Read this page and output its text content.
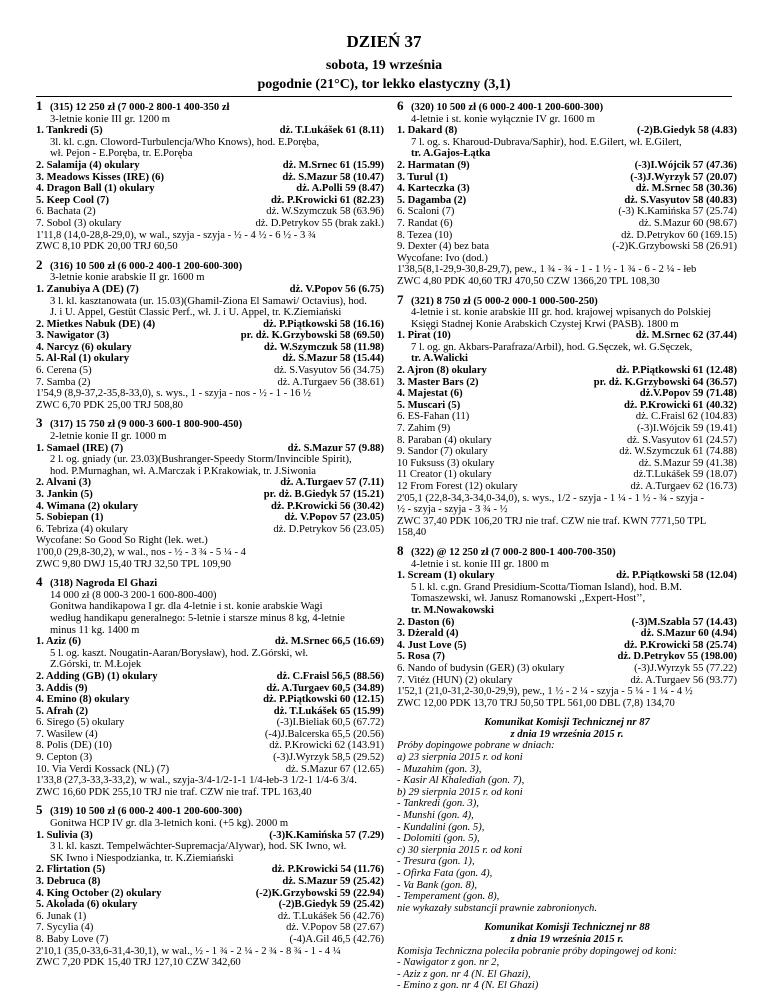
DZIEŃ 37
sobota, 19 września
pogodnie (21°C), tor lekko elastyczny (3,1)
1 (315) 12 250 zł (7 000-2 800-1 400-350 zł
3-letnie konie III gr. 1200 m
1. Tankredi (5)	dż. T.Lukášek 61 (8.11)
3l. kl. c.gn. Cloword-Turbulencja/Who Knows), hod. E.Poręba,
wł. Pejon - E.Poręba, tr. E.Poręba
2. Salamija (4) okulary	dż. M.Srnec 61 (15.99)
3. Meadows Kisses (IRE) (6)	dż. S.Mazur 58 (10.47)
4. Dragon Ball (1) okulary	dż. A.Polli 59 (8.47)
5. Keep Cool (7)	dż. P.Krowicki 61 (82.23)
6. Bachata (2)	dż. W.Szymczuk 58 (63.96)
7. Sobol (3) okulary	dż. D.Petrykov 55 (brak zakł.)
1'11,8 (14,0-28,8-29,0), w wal., szyja - szyja - ½ - 4 ½ - 6 ½ - 3 ¾
ZWC 8,10 PDK 20,00 TRJ 60,50
2 (316) 10 500 zł (6 000-2 400-1 200-600-300)
3-letnie konie arabskie II gr. 1600 m
1. Zanubiya A (DE) (7)	dż. V.Popov 56 (6.75)
3 l. kl. kasztanowata (ur. 15.03)(Ghamil-Ziona El Samawi/ Octavius), hod.
J. i U. Appel, Gestüt Classic Perf., wł. J. i U. Appel, tr. K.Ziemiański
2. Mietkes Nabuk (DE) (4)	dż. P.Piątkowski 58 (16.16)
3. Nawigator (3)	pr. dż. K.Grzybowski 58 (69.50)
4. Narcyz (6) okulary	dż. W.Szymczuk 58 (11.98)
5. Al-Ral (1) okulary	dż. S.Mazur 58 (15.44)
6. Cerena (5)	dż. S.Vasyutov 56 (34.75)
7. Samba (2)	dż. A.Turgaev 56 (38.61)
1'54,9 (8,9-37,2-35,8-33,0), s. wys., 1 - szyja - nos - ½ - 1 - 16 ½
ZWC 6,70 PDK 25,00 TRJ 508,80
3 (317) 15 750 zł (9 000-3 600-1 800-900-450)
2-letnie konie II gr. 1000 m
1. Samael (IRE) (7)	dż. S.Mazur 57 (9.88)
2 l. og. gniady (ur. 23.03)(Bushranger-Speedy Storm/Invincible Spirit),
hod. P.Murnaghan, wł. A.Marczak i P.Krakowiak, tr. J.Siwonia
2. Alvani (3)	dż. A.Turgaev 57 (7.11)
3. Jankin (5)	pr. dż. B.Giedyk 57 (15.21)
4. Wimana (2) okulary	dż. P.Krowicki 56 (30.42)
5. Sobiepan (1)	dż. V.Popov 57 (23.05)
6. Tebriza (4) okulary	dż. D.Petrykov 56 (23.05)
Wycofane: So Good So Right (lek. wet.)
1'00,0 (29,8-30,2), w wal., nos - ½ - 3 ¾ - 5 ¼ - 4
ZWC 9,80 DWJ 15,40 TRJ 32,50 TPL 109,90
4 (318) Nagroda El Ghazi
14 000 zł (8 000-3 200-1 600-800-400)
Gonitwa handikapowa I gr. dla 4-letnie i st. konie arabskie Wagi
według handikapu generalnego: 5-letnie i starsze minus 8 kg, 4-letnie
minus 11 kg. 1400 m
1. Aziz (6)	dż. M.Srnec 66,5 (16.69)
5 l. og. kaszt. Nougatin-Aaran/Borysław), hod. Z.Górski, wł.
Z.Górski, tr. M.Łojek
2. Adding (GB) (1) okulary	dż. C.Fraisl 56,5 (88.56)
3. Addis (9)	dż. A.Turgaev 60,5 (34.89)
4. Emino (8) okulary	dż. P.Piątkowski 60 (12.15)
5. Afrah (2)	dż. T.Lukášek 65 (15.99)
6. Sirego (5) okulary	(-3)I.Bieliak 60,5 (67.72)
7. Wasilew (4)	(-4)J.Balcerska 65,5 (20.56)
8. Polis (DE) (10)	dż. P.Krowicki 62 (143.91)
9. Cepton (3)	(-3)J.Wyrzyk 58,5 (29.52)
10. Via Verdi Kossack (NL) (7)	dż. S.Mazur 67 (12.65)
1'33,8 (27,3-33,3-33,2), w wal., szyja-3/4-1/2-1-1 1/4-łeb-3 1/2-1 1/4-6 3/4.
ZWC 16,60 PDK 255,10 TRJ nie traf. CZW nie traf. TPL 163,40
5 (319) 10 500 zł (6 000-2 400-1 200-600-300)
Gonitwa HCP IV gr. dla 3-letnich koni. (+5 kg). 2000 m
1. Sulivia (3)	(-3)K.Kamińska 57 (7.29)
3 l. kl. kaszt. Tempelwächter-Supremacja/Alywar), hod. SK Iwno, wł.
SK Iwno i Niespodzianka, tr. K.Ziemiański
2. Flirtation (5)	dż. P.Krowicki 54 (11.76)
3. Debruca (8)	dż. S.Mazur 59 (25.42)
4. King October (2) okulary	(-2)K.Grzybowski 59 (22.94)
5. Akolada (6) okulary	(-2)B.Giedyk 59 (25.42)
6. Junak (1)	dż. T.Lukášek 56 (42.76)
7. Sycylia (4)	dż. V.Popov 58 (27.67)
8. Baby Love (7)	(-4)A.Gil 46,5 (42.76)
2'10,1 (35,0-33,6-31,4-30,1), w wal., ½ - 1 ¾ - 2 ¼ - 2 ¾ - 8 ¾ - 1 - 4 ¼
ZWC 7,20 PDK 15,40 TRJ 127,10 CZW 342,60
6 (320) 10 500 zł (6 000-2 400-1 200-600-300)
4-letnie i st. konie wyłącznie IV gr. 1600 m
1. Dakard (8)	(-2)B.Giedyk 58 (4.83)
7 l. og. s. Kharoud-Dubrava/Saphir), hod. E.Gilert, wł. E.Gilert,
tr. A.Gajos-Łątka
2. Harmatan (9)	(-3)I.Wójcik 57 (47.36)
3. Turul (1)	(-3)J.Wyrzyk 57 (20.07)
4. Karteczka (3)	dż. M.Srnec 58 (30.36)
5. Dagamba (2)	dż. S.Vasyutov 58 (40.83)
6. Scaloni (7)	(-3) K.Kamińska 57 (25.74)
7. Randat (6)	dż. S.Mazur 60 (98.67)
8. Tezea (10)	dż. D.Petrykov 60 (169.15)
9. Dexter (4) bez bata	(-2)K.Grzybowski 58 (26.91)
Wycofane: Ivo (dod.)
1'38,5(8,1-29,9-30,8-29,7), pew., 1 ¾ - ¾ - 1 - 1 ½ - 1 ¾ - 6 - 2 ¼ - łeb
ZWC 4,80 PDK 40,60 TRJ 470,50 CZW 1366,20 TPL 108,30
7 (321) 8 750 zł (5 000-2 000-1 000-500-250)
4-letnie i st. konie arabskie III gr. hod. krajowej wpisanych do Polskiej
Księgi Stadnej Konie Arabskich Czystej Krwi (PASB). 1800 m
1. Pirat (10)	dż. M.Srnec 62 (37.44)
7 l. og. gn. Akbars-Parafraza/Arbil), hod. G.Sęczek, wł. G.Sęczek,
tr. A.Walicki
2. Ajron (8) okulary	dż. P.Piątkowski 61 (12.48)
3. Master Bars (2)	pr. dż. K.Grzybowski 64 (36.57)
4. Majestat (6)	dż.V.Popov 59 (71.48)
5. Muscari (5)	dż. P.Krowicki 61 (40.32)
6. ES-Fahan (11)	dż. C.Fraisl 62 (104.83)
7. Zahim (9)	(-3)I.Wójcik 59 (19.41)
8. Paraban (4) okulary	dż. S.Vasyutov 61 (24.57)
9. Sandor (7) okulary	dż. W.Szymczuk 61 (74.88)
10 Fuksuss (3) okulary	dż. S.Mazur 59 (41.38)
11 Creator (1) okulary	dż.T.Lukášek 59 (18.07)
12 From Forest (12) okulary	dż. A.Turgaev 62 (16.73)
2'05,1 (22,8-34,3-34,0-34,0), s. wys., 1/2 - szyja - 1 ¼ - 1 ½ - ¾ - szyja -
½ - szyja - szyja - 3 ¾ - ½
ZWC 37,40 PDK 106,20 TRJ nie traf. CZW nie traf. KWN 7771,50 TPL
158,40
8 (322) @ 12 250 zł (7 000-2 800-1 400-700-350)
4-letnie i st. konie III gr. 1800 m
1. Scream (1) okulary	dż. P.Piątkowski 58 (12.04)
5 l. kl. c.gn. Grand Presidium-Scotta/Tioman Island), hod. B.M.
Tomaszewski, wł. Janusz Romanowski ,,Expert-Host’’,
tr. M.Nowakowski
2. Daston (6)	(-3)M.Szabla 57 (14.43)
3. Dżerald (4)	dż. S.Mazur 60 (4.94)
4. Just Love (5)	dż. P.Krowicki 58 (25.74)
5. Rosa (7)	dż. D.Petrykov 55 (198.00)
6. Nando of budysin (GER) (3) okulary	(-3)J.Wyrzyk 55 (77.22)
7. Vitéz (HUN) (2) okulary	dż. A.Turgaev 56 (93.77)
1'52,1 (21,0-31,2-30,0-29,9), pew., 1 ½ - 2 ¼ - szyja - 5 ¼ - 1 ¼ - 4 ½
ZWC 12,00 PDK 13,70 TRJ 50,50 TPL 561,00 DBL (7,8) 134,70
Komunikat Komisji Technicznej nr 87
z dnia 19 września 2015 r.
Próby dopingowe pobrane w dniach:
a) 23 sierpnia 2015 r. od koni
- Muzahim (gon. 3),
- Kasir Al Khalediah (gon. 7),
b) 29 sierpnia 2015 r. od koni
- Tankredi (gon. 3),
- Munshi (gon. 4),
- Kundalini (gon. 5),
- Dolomiti (gon. 5),
c) 30 sierpnia 2015 r. od koni
- Tresura (gon. 1),
- Ofirka Fata (gon. 4),
- Va Bank (gon. 8),
- Temperament (gon. 8),
nie wykazały substancji prawnie zabronionych.
Komunikat Komisji Technicznej nr 88
z dnia 19 września 2015 r.
Komisja Techniczna poleciła pobranie próby dopingowej od koni:
- Nawigator z gon. nr 2,
- Aziz z gon. nr 4 (N. El Ghazi),
- Emino z gon. nr 4 (N. El Ghazi)
